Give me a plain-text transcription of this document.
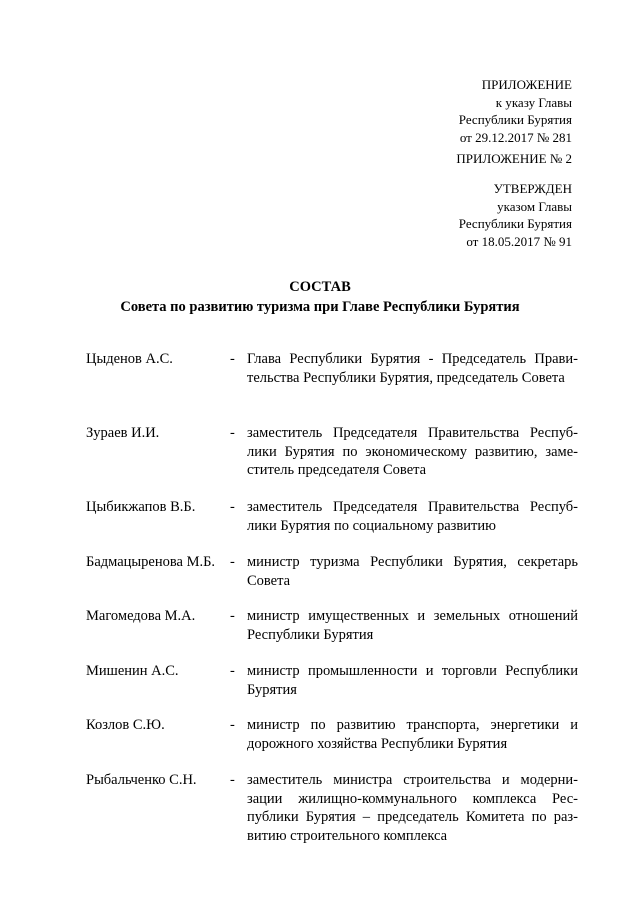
ПРИЛОЖЕНИЕ
к указу Главы
Республики Бурятия
от 29.12.2017 № 281
ПРИЛОЖЕНИЕ № 2
УТВЕРЖДЕН
указом Главы
Республики Бурятия
от 18.05.2017 № 91
СОСТАВ
Совета по развитию туризма при Главе Республики Бурятия
Цыденов А.С.	- Глава Республики Бурятия - Председатель Правительства Республики Бурятия, председатель Совета
Зураев И.И.	- заместитель Председателя Правительства Республики Бурятия по экономическому развитию, заместитель председателя Совета
Цыбикжапов В.Б.	- заместитель Председателя Правительства Республики Бурятия по социальному развитию
Бадмацыренова М.Б.	- министр туризма Республики Бурятия, секретарь Совета
Магомедова М.А.	- министр имущественных и земельных отношений Республики Бурятия
Мишенин А.С.	- министр промышленности и торговли Республики Бурятия
Козлов С.Ю.	- министр по развитию транспорта, энергетики и дорожного хозяйства Республики Бурятия
Рыбальченко С.Н.	- заместитель министра строительства и модернизации жилищно-коммунального комплекса Республики Бурятия – председатель Комитета по развитию строительного комплекса
